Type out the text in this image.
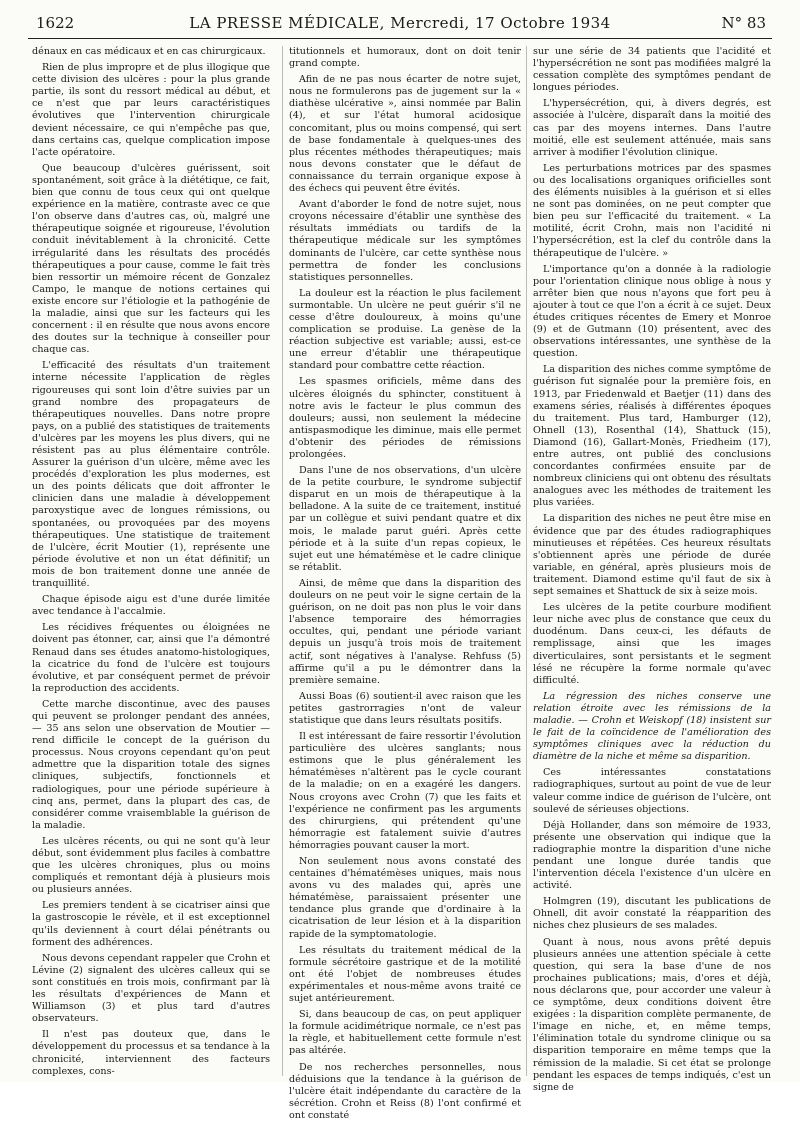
1622	LA PRESSE MÉDICALE, Mercredi, 17 Octobre 1934	N° 83

dénaux en cas médicaux et en cas chirurgicaux.

Rien de plus impropre et de plus illogique que cette division des ulcères : pour la plus grande partie, ils sont du ressort médical au début, et ce n'est que par leurs caractéristiques évolutives que l'intervention chirurgicale devient nécessaire, ce qui n'empêche pas que, dans certains cas, quelque complication impose l'acte opératoire.

Que beaucoup d'ulcères guérissent, soit spontanément, soit grâce à la diététique, ce fait, bien que connu de tous ceux qui ont quelque expérience en la matière, contraste avec ce que l'on observe dans d'autres cas, où, malgré une thérapeutique soignée et rigoureuse, l'évolution conduit inévitablement à la chronicité. Cette irrégularité dans les résultats des procédés thérapeutiques a pour cause, comme le fait très bien ressortir un mémoire récent de Gonzalez Campo, le manque de notions certaines qui existe encore sur l'étiologie et la pathogénie de la maladie, ainsi que sur les facteurs qui les concernent : il en résulte que nous avons encore des doutes sur la technique à conseiller pour chaque cas.

L'efficacité des résultats d'un traitement interne nécessite l'application de règles rigoureuses qui sont loin d'être suivies par un grand nombre des propagateurs de thérapeutiques nouvelles. Dans notre propre pays, on a publié des statistiques de traitements d'ulcères par les moyens les plus divers, qui ne résistent pas au plus élémentaire contrôle. Assurer la guérison d'un ulcère, même avec les procédés d'exploration les plus modernes, est un des points délicats que doit affronter le clinicien dans une maladie à développement paroxystique avec de longues rémissions, ou spontanées, ou provoquées par des moyens thérapeutiques. Une statistique de traitement de l'ulcère, écrit Moutier (1), représente une période évolutive et non un état définitif; un mois de bon traitement donne une année de tranquillité.

Chaque épisode aigu est d'une durée limitée avec tendance à l'accalmie.

Les récidives fréquentes ou éloignées ne doivent pas étonner, car, ainsi que l'a démontré Renaud dans ses études anatomo-histologiques, la cicatrice du fond de l'ulcère est toujours évolutive, et par conséquent permet de prévoir la reproduction des accidents.

Cette marche discontinue, avec des pauses qui peuvent se prolonger pendant des années, — 35 ans selon une observation de Moutier — rend difficile le concept de la guérison du processus. Nous croyons cependant qu'on peut admettre que la disparition totale des signes cliniques, subjectifs, fonctionnels et radiologiques, pour une période supérieure à cinq ans, permet, dans la plupart des cas, de considérer comme vraisemblable la guérison de la maladie.

Les ulcères récents, ou qui ne sont qu'à leur début, sont évidemment plus faciles à combattre que les ulcères chroniques, plus ou moins compliqués et remontant déjà à plusieurs mois ou plusieurs années.

Les premiers tendent à se cicatriser ainsi que la gastroscopie le révèle, et il est exceptionnel qu'ils deviennent à court délai pénétrants ou forment des adhérences.

Nous devons cependant rappeler que Crohn et Lévine (2) signalent des ulcères calleux qui se sont constitués en trois mois, confirmant par là les résultats d'expériences de Mann et Williamson (3) et plus tard d'autres observateurs.

Il n'est pas douteux que, dans le développement du processus et sa tendance à la chronicité, interviennent des facteurs complexes, cons-

titutionnels et humoraux, dont on doit tenir grand compte.

Afin de ne pas nous écarter de notre sujet, nous ne formulerons pas de jugement sur la « diathèse ulcérative », ainsi nommée par Balin (4), et sur l'état humoral acidosique concomitant, plus ou moins compensé, qui sert de base fondamentale à quelques-unes des plus récentes méthodes thérapeutiques; mais nous devons constater que le défaut de connaissance du terrain organique expose à des échecs qui peuvent être évités.

Avant d'aborder le fond de notre sujet, nous croyons nécessaire d'établir une synthèse des résultats immédiats ou tardifs de la thérapeutique médicale sur les symptômes dominants de l'ulcère, car cette synthèse nous permettra de fonder les conclusions statistiques personnelles.

La douleur est la réaction le plus facilement surmontable. Un ulcère ne peut guérir s'il ne cesse d'être douloureux, à moins qu'une complication se produise. La genèse de la réaction subjective est variable; aussi, est-ce une erreur d'établir une thérapeutique standard pour combattre cette réaction.

Les spasmes orificiels, même dans des ulcères éloignés du sphincter, constituent à notre avis le facteur le plus commun des douleurs; aussi, non seulement la médecine antispasmodique les diminue, mais elle permet d'obtenir des périodes de rémissions prolongées.

Dans l'une de nos observations, d'un ulcère de la petite courbure, le syndrome subjectif disparut en un mois de thérapeutique à la belladone. A la suite de ce traitement, institué par un collègue et suivi pendant quatre et dix mois, le malade parut guéri. Après cette période et à la suite d'un repas copieux, le sujet eut une hématémèse et le cadre clinique se rétablit.

Ainsi, de même que dans la disparition des douleurs on ne peut voir le signe certain de la guérison, on ne doit pas non plus le voir dans l'absence temporaire des hémorragies occultes, qui, pendant une période variant depuis un jusqu'à trois mois de traitement actif, sont négatives à l'analyse. Rehfuss (5) affirme qu'il a pu le démontrer dans la première semaine.

Aussi Boas (6) soutient-il avec raison que les petites gastrorragies n'ont de valeur statistique que dans leurs résultats positifs.

Il est intéressant de faire ressortir l'évolution particulière des ulcères sanglants; nous estimons que le plus généralement les hématémèses n'altèrent pas le cycle courant de la maladie; on en a exagéré les dangers. Nous croyons avec Crohn (7) que les faits et l'expérience ne confirment pas les arguments des chirurgiens, qui prétendent qu'une hémorragie est fatalement suivie d'autres hémorragies pouvant causer la mort.

Non seulement nous avons constaté des centaines d'hématémèses uniques, mais nous avons vu des malades qui, après une hématémèse, paraissaient présenter une tendance plus grande que d'ordinaire à la cicatrisation de leur lésion et à la disparition rapide de la symptomatologie.

Les résultats du traitement médical de la formule sécrétoire gastrique et de la motilité ont été l'objet de nombreuses études expérimentales et nous-même avons traité ce sujet antérieurement.

Si, dans beaucoup de cas, on peut appliquer la formule acidimétrique normale, ce n'est pas la règle, et habituellement cette formule n'est pas altérée.

De nos recherches personnelles, nous déduisions que la tendance à la guérison de l'ulcère était indépendante du caractère de la sécrétion. Crohn et Reiss (8) l'ont confirmé et ont constaté

sur une série de 34 patients que l'acidité et l'hypersécrétion ne sont pas modifiées malgré la cessation complète des symptômes pendant de longues périodes.

L'hypersécrétion, qui, à divers degrés, est associée à l'ulcère, disparaît dans la moitié des cas par des moyens internes. Dans l'autre moitié, elle est seulement atténuée, mais sans arriver à modifier l'évolution clinique.

Les perturbations motrices par des spasmes ou des localisations organiques orificielles sont des éléments nuisibles à la guérison et si elles ne sont pas dominées, on ne peut compter que bien peu sur l'efficacité du traitement. « La motilité, écrit Crohn, mais non l'acidité ni l'hypersécrétion, est la clef du contrôle dans la thérapeutique de l'ulcère. »

L'importance qu'on a donnée à la radiologie pour l'orientation clinique nous oblige à nous y arrêter bien que nous n'ayons que fort peu à ajouter à tout ce que l'on a écrit à ce sujet. Deux études critiques récentes de Emery et Monroe (9) et de Gutmann (10) présentent, avec des observations intéressantes, une synthèse de la question.

La disparition des niches comme symptôme de guérison fut signalée pour la première fois, en 1913, par Friedenwald et Baetjer (11) dans des examens séries, réalisés à différentes époques du traitement. Plus tard, Hamburger (12), Ohnell (13), Rosenthal (14), Shattuck (15), Diamond (16), Gallart-Monès, Friedheim (17), entre autres, ont publié des conclusions concordantes confirmées ensuite par de nombreux cliniciens qui ont obtenu des résultats analogues avec les méthodes de traitement les plus variées.

La disparition des niches ne peut être mise en évidence que par des études radiographiques minutieuses et répétées. Ces heureux résultats s'obtiennent après une période de durée variable, en général, après plusieurs mois de traitement. Diamond estime qu'il faut de six à sept semaines et Shattuck de six à seize mois.

Les ulcères de la petite courbure modifient leur niche avec plus de constance que ceux du duodénum. Dans ceux-ci, les défauts de remplissage, ainsi que les images diverticulaires, sont persistants et le segment lésé ne récupère la forme normale qu'avec difficulté.

La régression des niches conserve une relation étroite avec les rémissions de la maladie. — Crohn et Weiskopf (18) insistent sur le fait de la coïncidence de l'amélioration des symptômes cliniques avec la réduction du diamètre de la niche et même sa disparition.

Ces intéressantes constatations radiographiques, surtout au point de vue de leur valeur comme indice de guérison de l'ulcère, ont soulevé de sérieuses objections.

Déjà Hollander, dans son mémoire de 1933, présente une observation qui indique que la radiographie montre la disparition d'une niche pendant une longue durée tandis que l'intervention décela l'existence d'un ulcère en activité.

Holmgren (19), discutant les publications de Ohnell, dit avoir constaté la réapparition des niches chez plusieurs de ses malades.

Quant à nous, nous avons prêté depuis plusieurs années une attention spéciale à cette question, qui sera la base d'une de nos prochaines publications; mais, d'ores et déjà, nous déclarons que, pour accorder une valeur à ce symptôme, deux conditions doivent être exigées : la disparition complète permanente, de l'image en niche, et, en même temps, l'élimination totale du syndrome clinique ou sa disparition temporaire en même temps que la rémission de la maladie. Si cet état se prolonge pendant les espaces de temps indiqués, c'est un signe de
